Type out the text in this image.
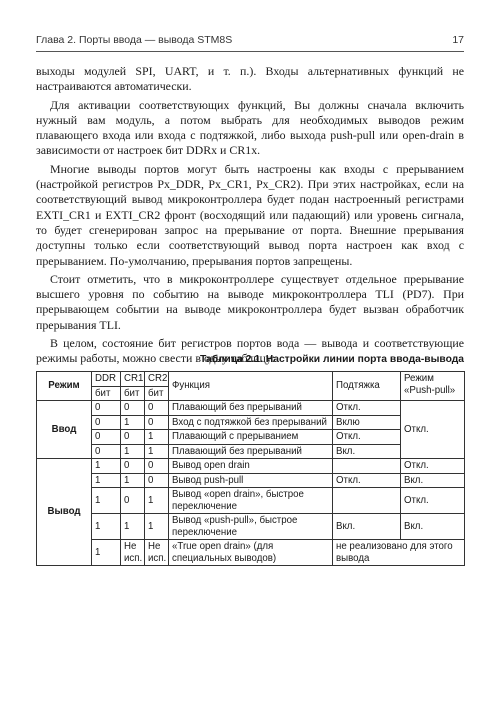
Глава 2. Порты ввода — вывода STM8S	17

выходы модулей SPI, UART, и т. п.). Входы альтернативных функций не настраиваются автоматически.

Для активации соответствующих функций, Вы должны сначала включить нужный вам модуль, а потом выбрать для необходимых выводов режим плавающего входа или входа с подтяжкой, либо выхода push-pull или open-drain в зависимости от настроек бит DDRx и CR1x.

Многие выводы портов могут быть настроены как входы с прерыванием (настройкой регистров Px_DDR, Px_CR1, Px_CR2). При этих настройках, если на соответствующий вывод микроконтроллера будет подан настроенный регистрами EXTI_CR1 и EXTI_CR2 фронт (восходящий или падающий) или уровень сигнала, то будет сгенерирован запрос на прерывание от порта. Внешние прерывания доступны только если соответствующий вывод порта настроен как вход с прерыванием. По-умолчанию, прерывания портов запрещены.

Стоит отметить, что в микроконтроллере существует отдельное прерывание высшего уровня по событию на выводе микроконтроллера TLI (PD7). При прерывающем событии на выводе микроконтроллера будет вызван обработчик прерывания TLI.

В целом, состояние бит регистров портов вода — вывода и соответствующие режимы работы, можно свести в одну таблицу:

Таблица 2.1. Настройки линии порта ввода-вывода
Режим	DDR	CR1	CR2	Функция	Подтяжка	Режим «Push-pull»
	бит	бит	бит			
Ввод	0	0	0	Плавающий без прерываний	Откл.	Откл.
	0	1	0	Вход с подтяжкой без прерываний	Вклю	
	0	0	1	Плавающий с прерыванием	Откл.	
	0	1	1	Плавающий без прерываний	Вкл.	
Вывод	1	0	0	Вывод open drain		Откл.
	1	1	0	Вывод push-pull	Откл.	Вкл.
	1	0	1	Вывод «open drain», быстрое переключение		Откл.
	1	1	1	Вывод «push-pull», быстрое переключение	Вкл.	Вкл.
	1	Не исп.	Не исп.	«True open drain» (для специальных выводов)	не реализовано для этого вывода	
